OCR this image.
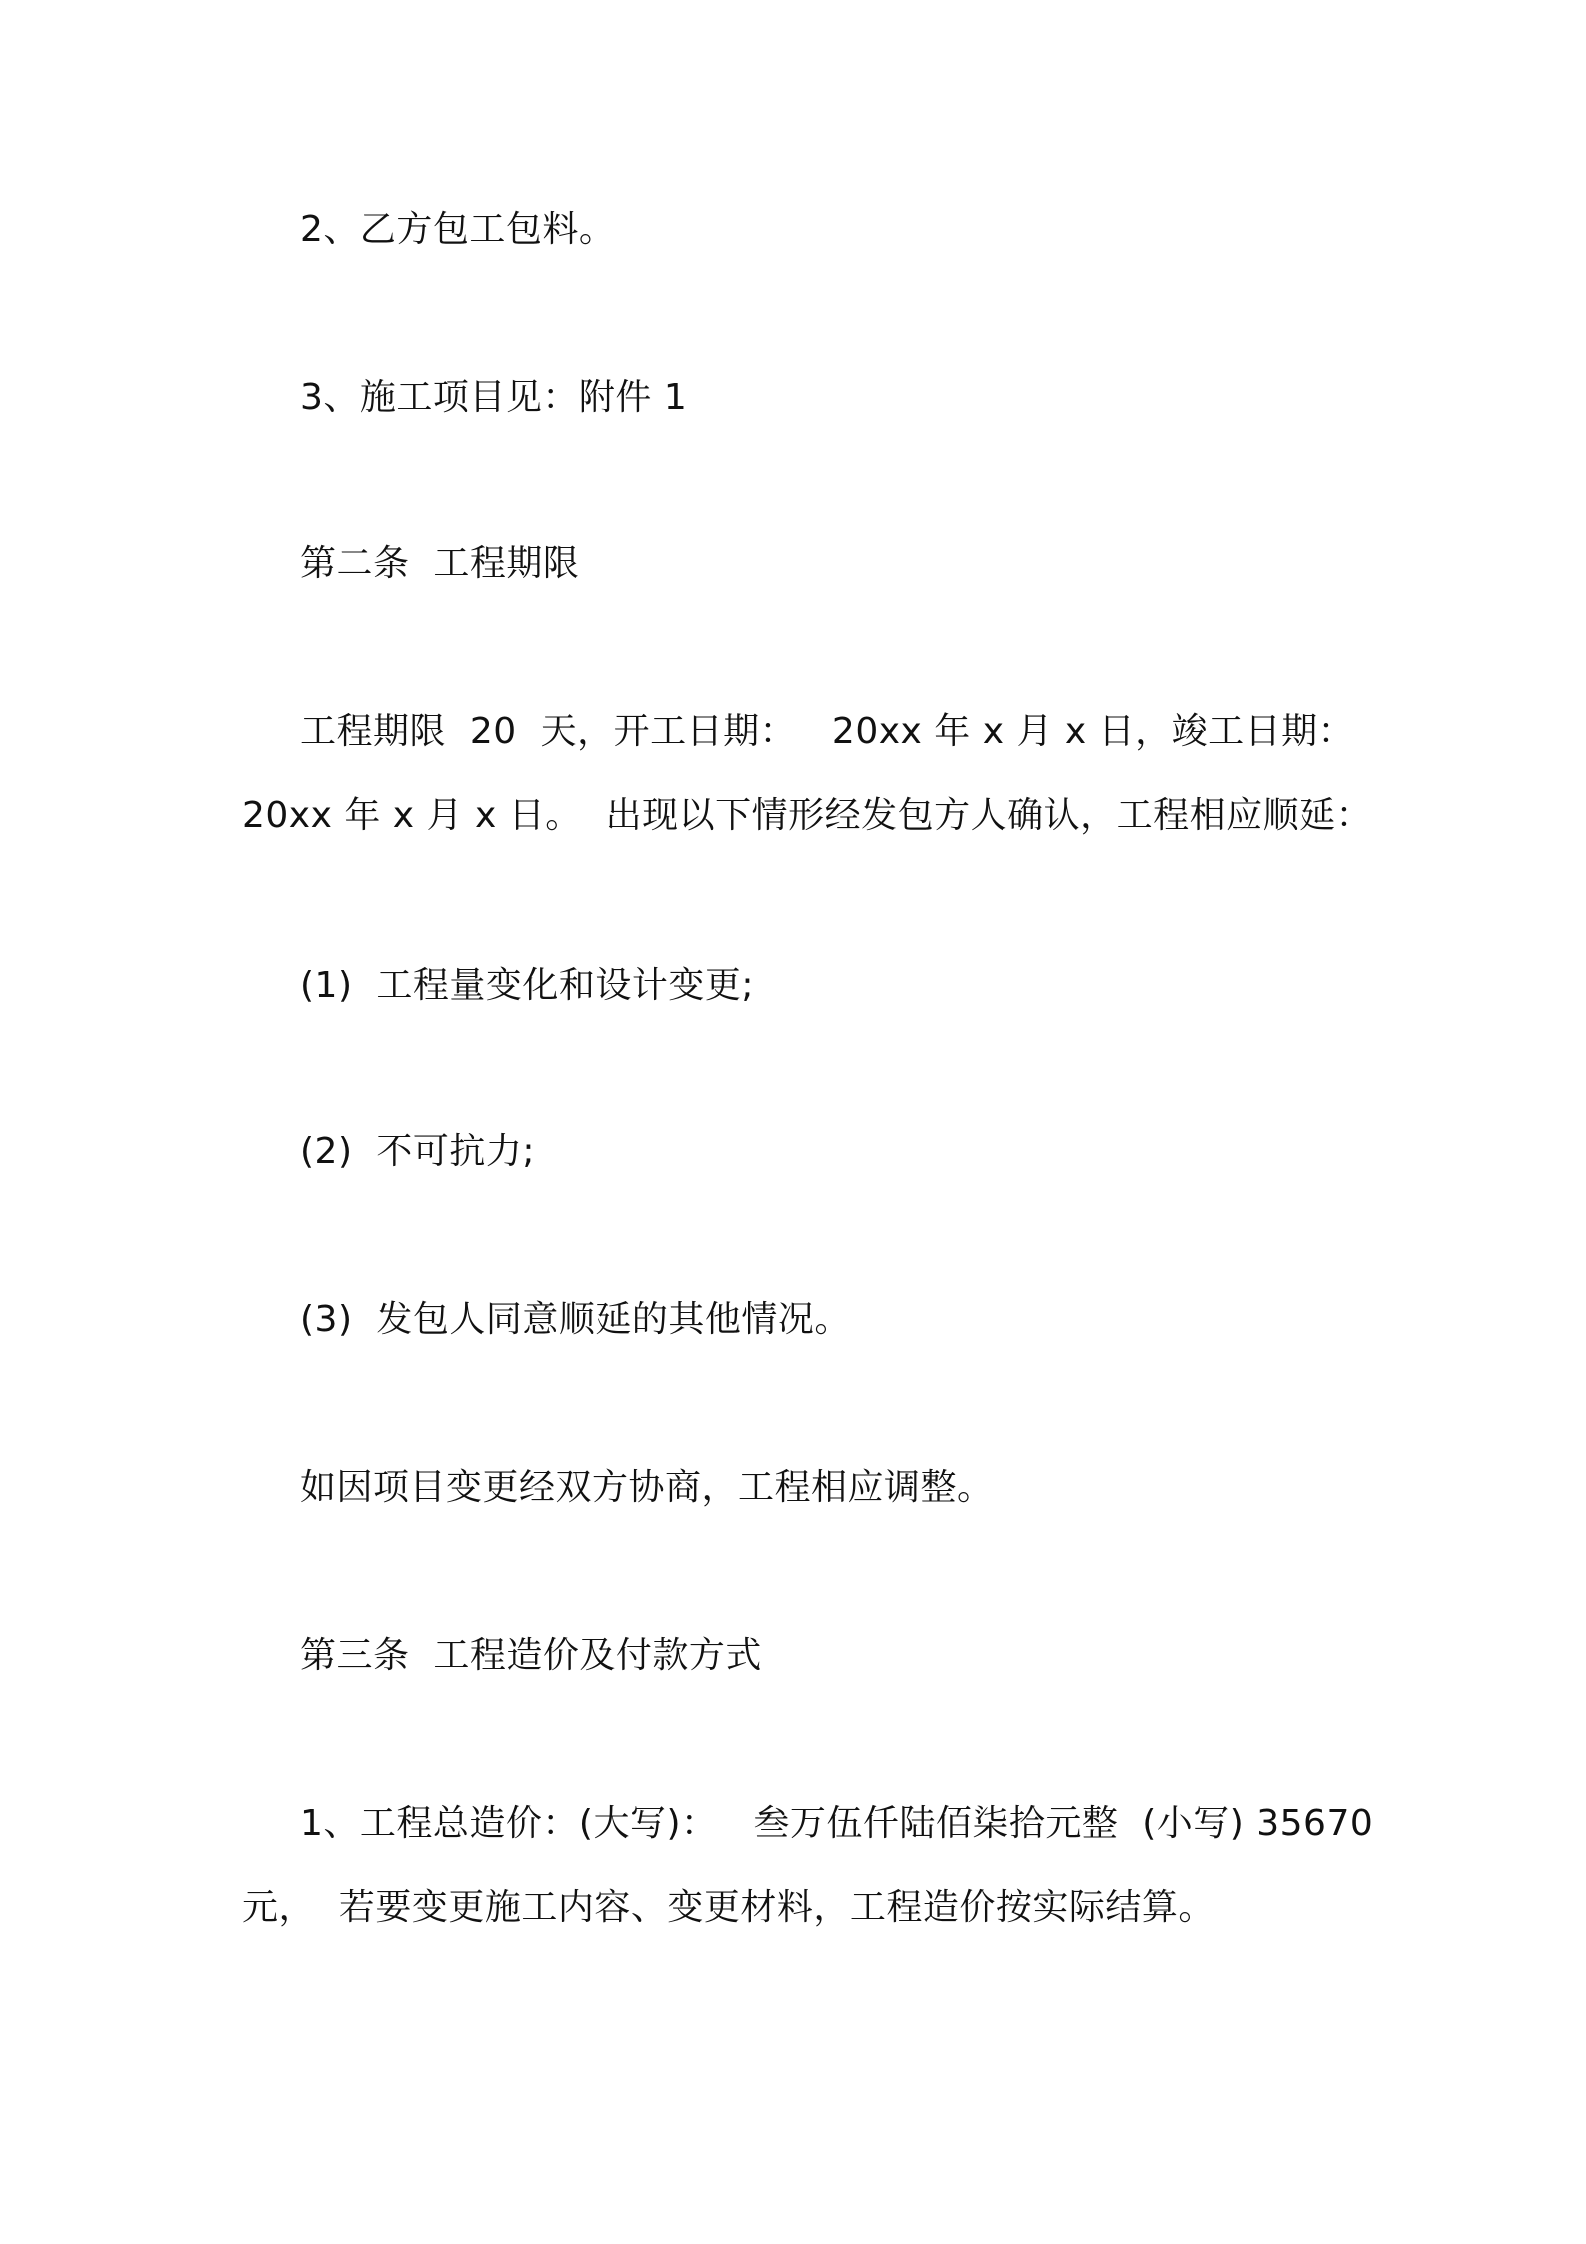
2、乙方包工包料。
3、施工项目见：附件 1
第二条  工程期限
工程期限  20  天，开工日期：   20xx 年 x 月 x 日，竣工日期：
20xx 年 x 月 x 日。  出现以下情形经发包方人确认，工程相应顺延：
(1)  工程量变化和设计变更;
(2)  不可抗力;
(3)  发包人同意顺延的其他情况。
如因项目变更经双方协商，工程相应调整。
第三条  工程造价及付款方式
1、工程总造价：(大写)：   叁万伍仟陆佰柒拾元整  (小写) 35670
元，  若要变更施工内容、变更材料，工程造价按实际结算。
